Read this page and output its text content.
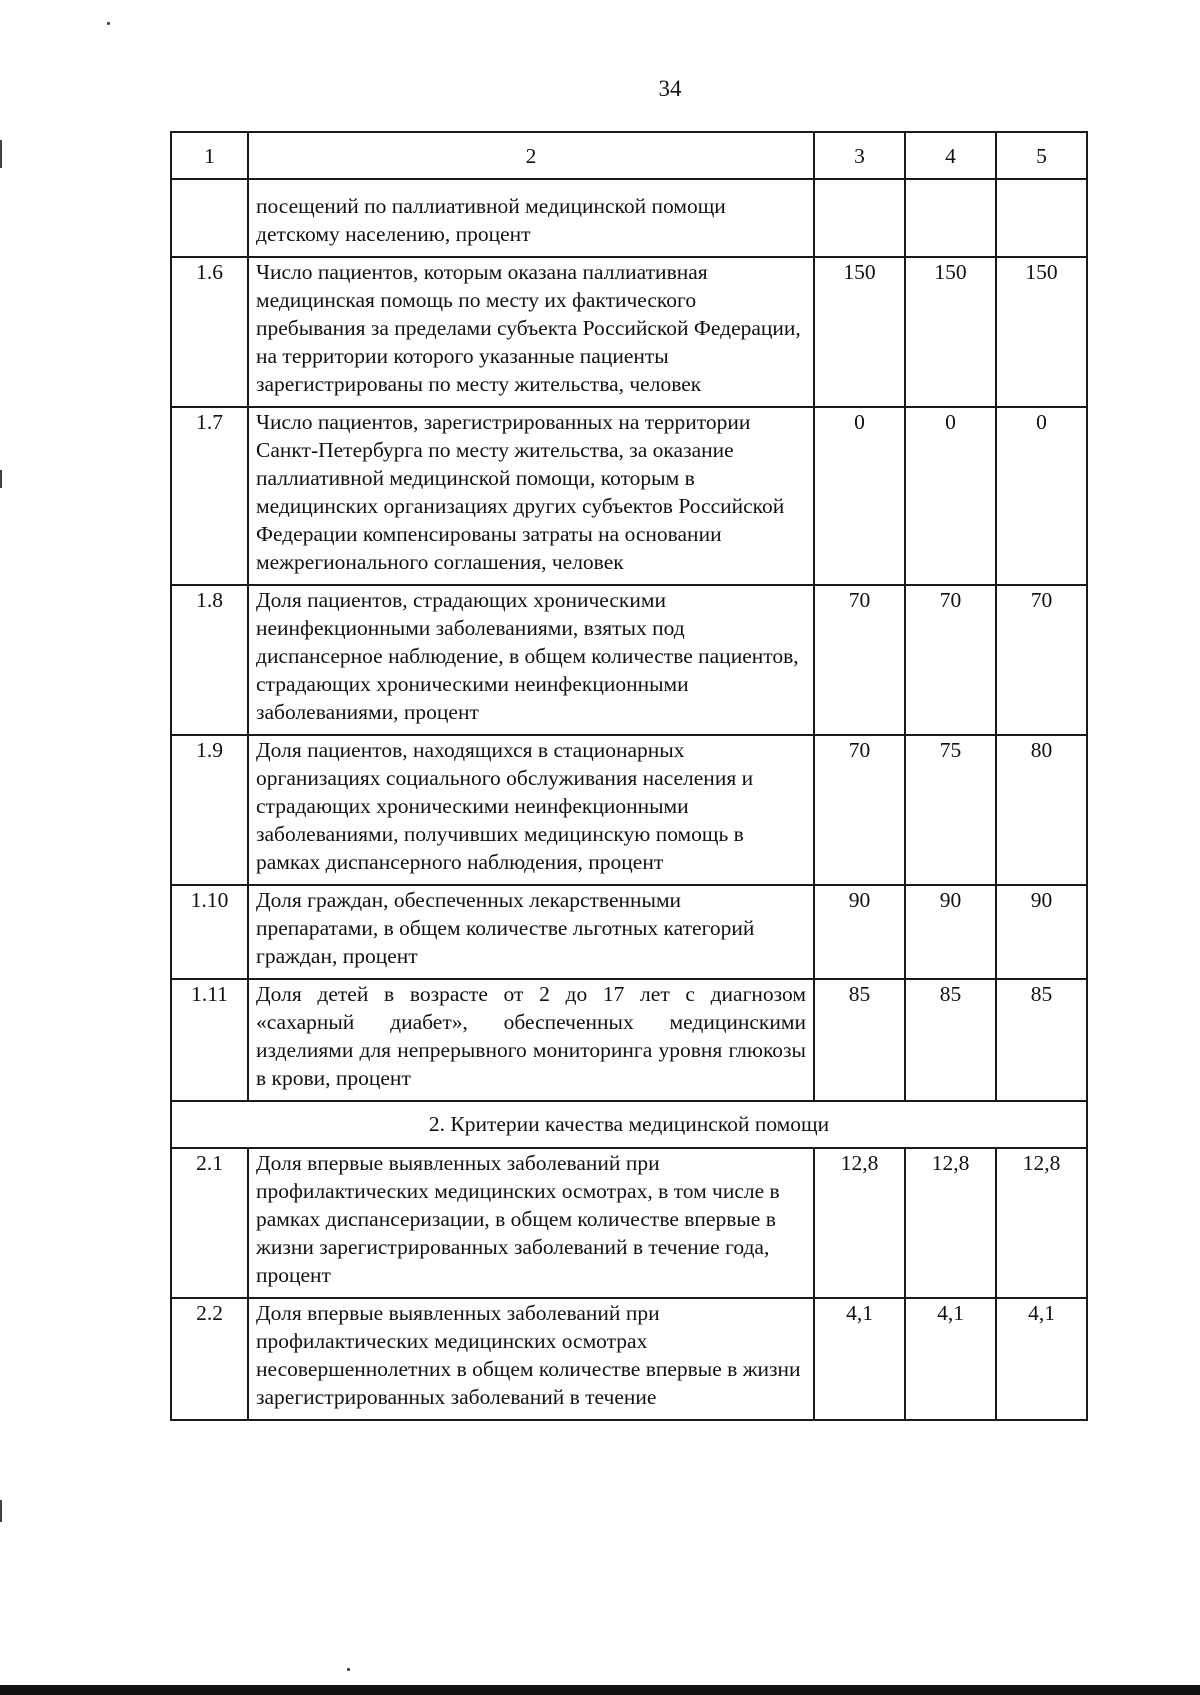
34
1	2	3	4	5
	посещений по паллиативной медицинской помощи детскому населению, процент			
1.6	Число пациентов, которым оказана паллиативная медицинская помощь по месту их фактического пребывания за пределами субъекта Российской Федерации, на территории которого указанные пациенты зарегистрированы по месту жительства, человек	150	150	150
1.7	Число пациентов, зарегистрированных на территории Санкт-Петербурга по месту жительства, за оказание паллиативной медицинской помощи, которым в медицинских организациях других субъектов Российской Федерации компенсированы затраты на основании межрегионального соглашения, человек	0	0	0
1.8	Доля пациентов, страдающих хроническими неинфекционными заболеваниями, взятых под диспансерное наблюдение, в общем количестве пациентов, страдающих хроническими неинфекционными заболеваниями, процент	70	70	70
1.9	Доля пациентов, находящихся в стационарных организациях социального обслуживания населения и страдающих хроническими неинфекционными заболеваниями, получивших медицинскую помощь в рамках диспансерного наблюдения, процент	70	75	80
1.10	Доля граждан, обеспеченных лекарственными препаратами, в общем количестве льготных категорий граждан, процент	90	90	90
1.11	Доля детей в возрасте от 2 до 17 лет с диагнозом «сахарный диабет», обеспеченных медицинскими изделиями для непрерывного мониторинга уровня глюкозы в крови, процент	85	85	85
2. Критерии качества медицинской помощи				
2.1	Доля впервые выявленных заболеваний при профилактических медицинских осмотрах, в том числе в рамках диспансеризации, в общем количестве впервые в жизни зарегистрированных заболеваний в течение года, процент	12,8	12,8	12,8
2.2	Доля впервые выявленных заболеваний при профилактических медицинских осмотрах несовершеннолетних в общем количестве впервые в жизни зарегистрированных заболеваний в течение	4,1	4,1	4,1
